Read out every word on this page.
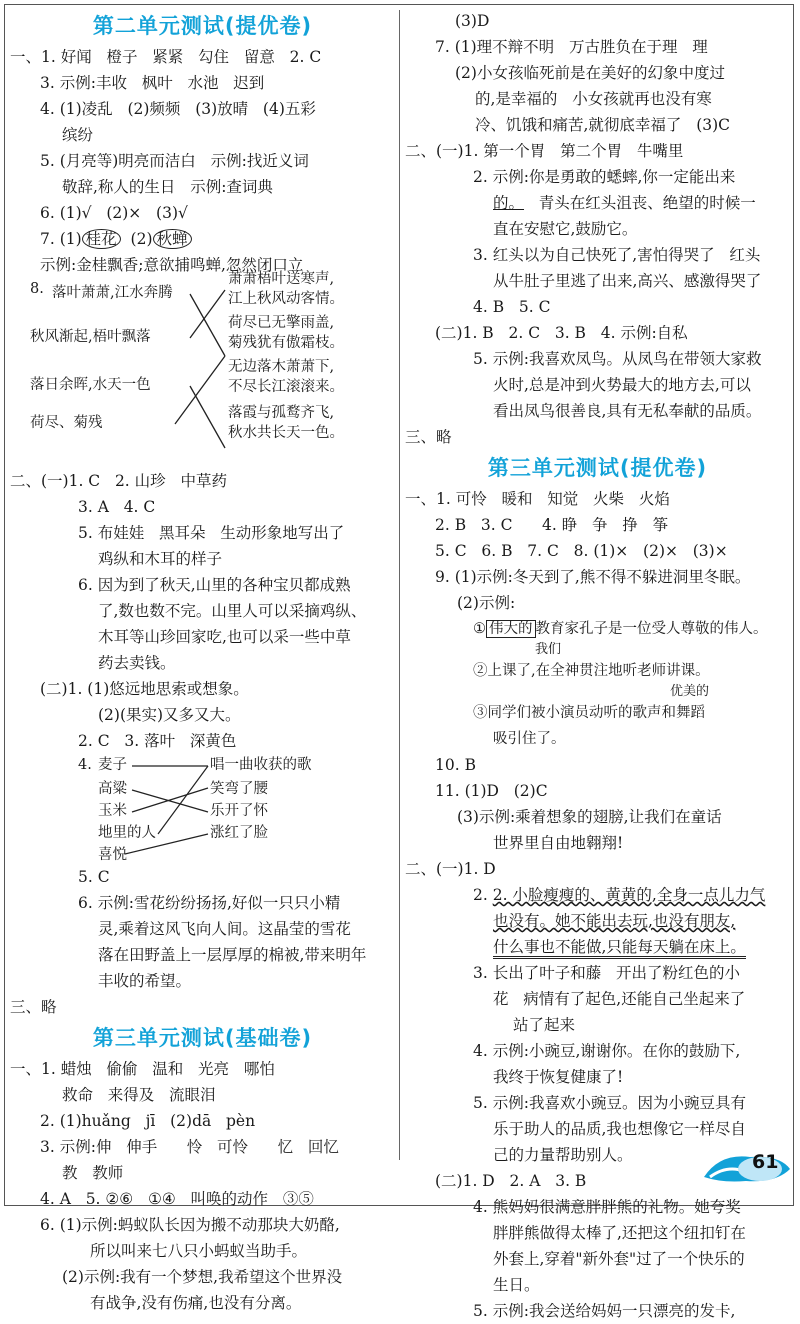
第二单元测试(提优卷)
一、1. 好闻   橙子   紧紧   勾住   留意   2. C
3. 示例:丰收   枫叶   水池   迟到
4. (1)凌乱   (2)频频   (3)放晴   (4)五彩
缤纷
5. (月亮等)明亮而洁白   示例:找近义词
敬辞,称人的生日   示例:查词典
6. (1)√   (2)×   (3)√
7. (1) 桂花  (2) 秋蝉
示例:金桂飘香;意欲捕鸣蝉,忽然闭口立
8. 落叶萧萧,江水奔腾
秋风渐起,梧叶飘落
落日余晖,水天一色
荷尽、菊残
萧萧梧叶送寒声,
江上秋风动客情。
荷尽已无擎雨盖,
菊残犹有傲霜枝。
无边落木萧萧下,
不尽长江滚滚来。
落霞与孤鹜齐飞,
秋水共长天一色。
二、(一)1. C   2. 山珍   中草药
3. A   4. C
5. 布娃娃   黑耳朵   生动形象地写出了
鸡纵和木耳的样子
6. 因为到了秋天,山里的各种宝贝都成熟
了,数也数不完。山里人可以采摘鸡纵、
木耳等山珍回家吃,也可以采一些中草
药去卖钱。
(二)1. (1)悠远地思索或想象。
(2)(果实)又多又大。
2. C   3. 落叶   深黄色
4. 麦子
高粱
玉米
地里的人
喜悦
唱一曲收获的歌
笑弯了腰
乐开了怀
涨红了脸
5. C
6. 示例:雪花纷纷扬扬,好似一只只小精
灵,乘着这风飞向人间。这晶莹的雪花
落在田野盖上一层厚厚的棉被,带来明年
丰收的希望。
三、略
第三单元测试(基础卷)
一、1. 蜡烛   偷偷   温和   光亮   哪怕
救命   来得及   流眼泪
2. (1)huǎng   jī   (2)dā   pèn
3. 示例:伸   伸手      怜   可怜      忆   回忆
教   教师
4. A   5. ②⑥   ①④   叫唤的动作   ③⑤
6. (1)示例:蚂蚁队长因为搬不动那块大奶酪,
所以叫来七八只小蚂蚁当助手。
(2)示例:我有一个梦想,我希望这个世界没
有战争,没有伤痛,也没有分离。
(3)D
7. (1)理不辩不明   万古胜负在于理   理
(2)小女孩临死前是在美好的幻象中度过
的,是幸福的   小女孩就再也没有寒
冷、饥饿和痛苦,就彻底幸福了   (3)C
二、(一)1. 第一个胃   第二个胃   牛嘴里
2. 示例:你是勇敢的蟋蟀,你一定能出来
的。   青头在红头沮丧、绝望的时候一
直在安慰它,鼓励它。
3. 红头以为自己快死了,害怕得哭了   红头
从牛肚子里逃了出来,高兴、感激得哭了
4. B   5. C
(二)1. B   2. C   3. B   4. 示例:自私
5. 示例:我喜欢凤鸟。从凤鸟在带领大家救
火时,总是冲到火势最大的地方去,可以
看出凤鸟很善良,具有无私奉献的品质。
三、略
第三单元测试(提优卷)
一、1. 可怜   暖和   知觉   火柴   火焰
2. B   3. C      4. 睁   争   挣   筝
5. C   6. B   7. C   8. (1)×   (2)×   (3)×
9. (1)示例:冬天到了,熊不得不躲进洞里冬眠。
(2)示例:
① 伟大的 教育家孔子是一位受人尊敬的伟人。
我们
②上课了,在全神贯注地听老师讲课。
优美的
③同学们被小演员动听的歌声和舞蹈
吸引住了。
10. B
11. (1)D   (2)C
(3)示例:乘着想象的翅膀,让我们在童话
世界里自由地翱翔!
二、(一)1. D
2. 2. 小脸瘦瘦的、黄黄的,全身一点儿力气
也没有。她不能出去玩,也没有朋友,
什么事也不能做,只能每天躺在床上。
3. 长出了叶子和藤   开出了粉红色的小
花   病情有了起色,还能自己坐起来了
站了起来
4. 示例:小豌豆,谢谢你。在你的鼓励下,
我终于恢复健康了!
5. 示例:我喜欢小豌豆。因为小豌豆具有
乐于助人的品质,我也想像它一样尽自
己的力量帮助别人。
(二)1. D   2. A   3. B
4. 熊妈妈很满意胖胖熊的礼物。她夸奖
胖胖熊做得太棒了,还把这个纽扣钉在
外套上,穿着"新外套"过了一个快乐的
生日。
5. 示例:我会送给妈妈一只漂亮的发卡,
61
